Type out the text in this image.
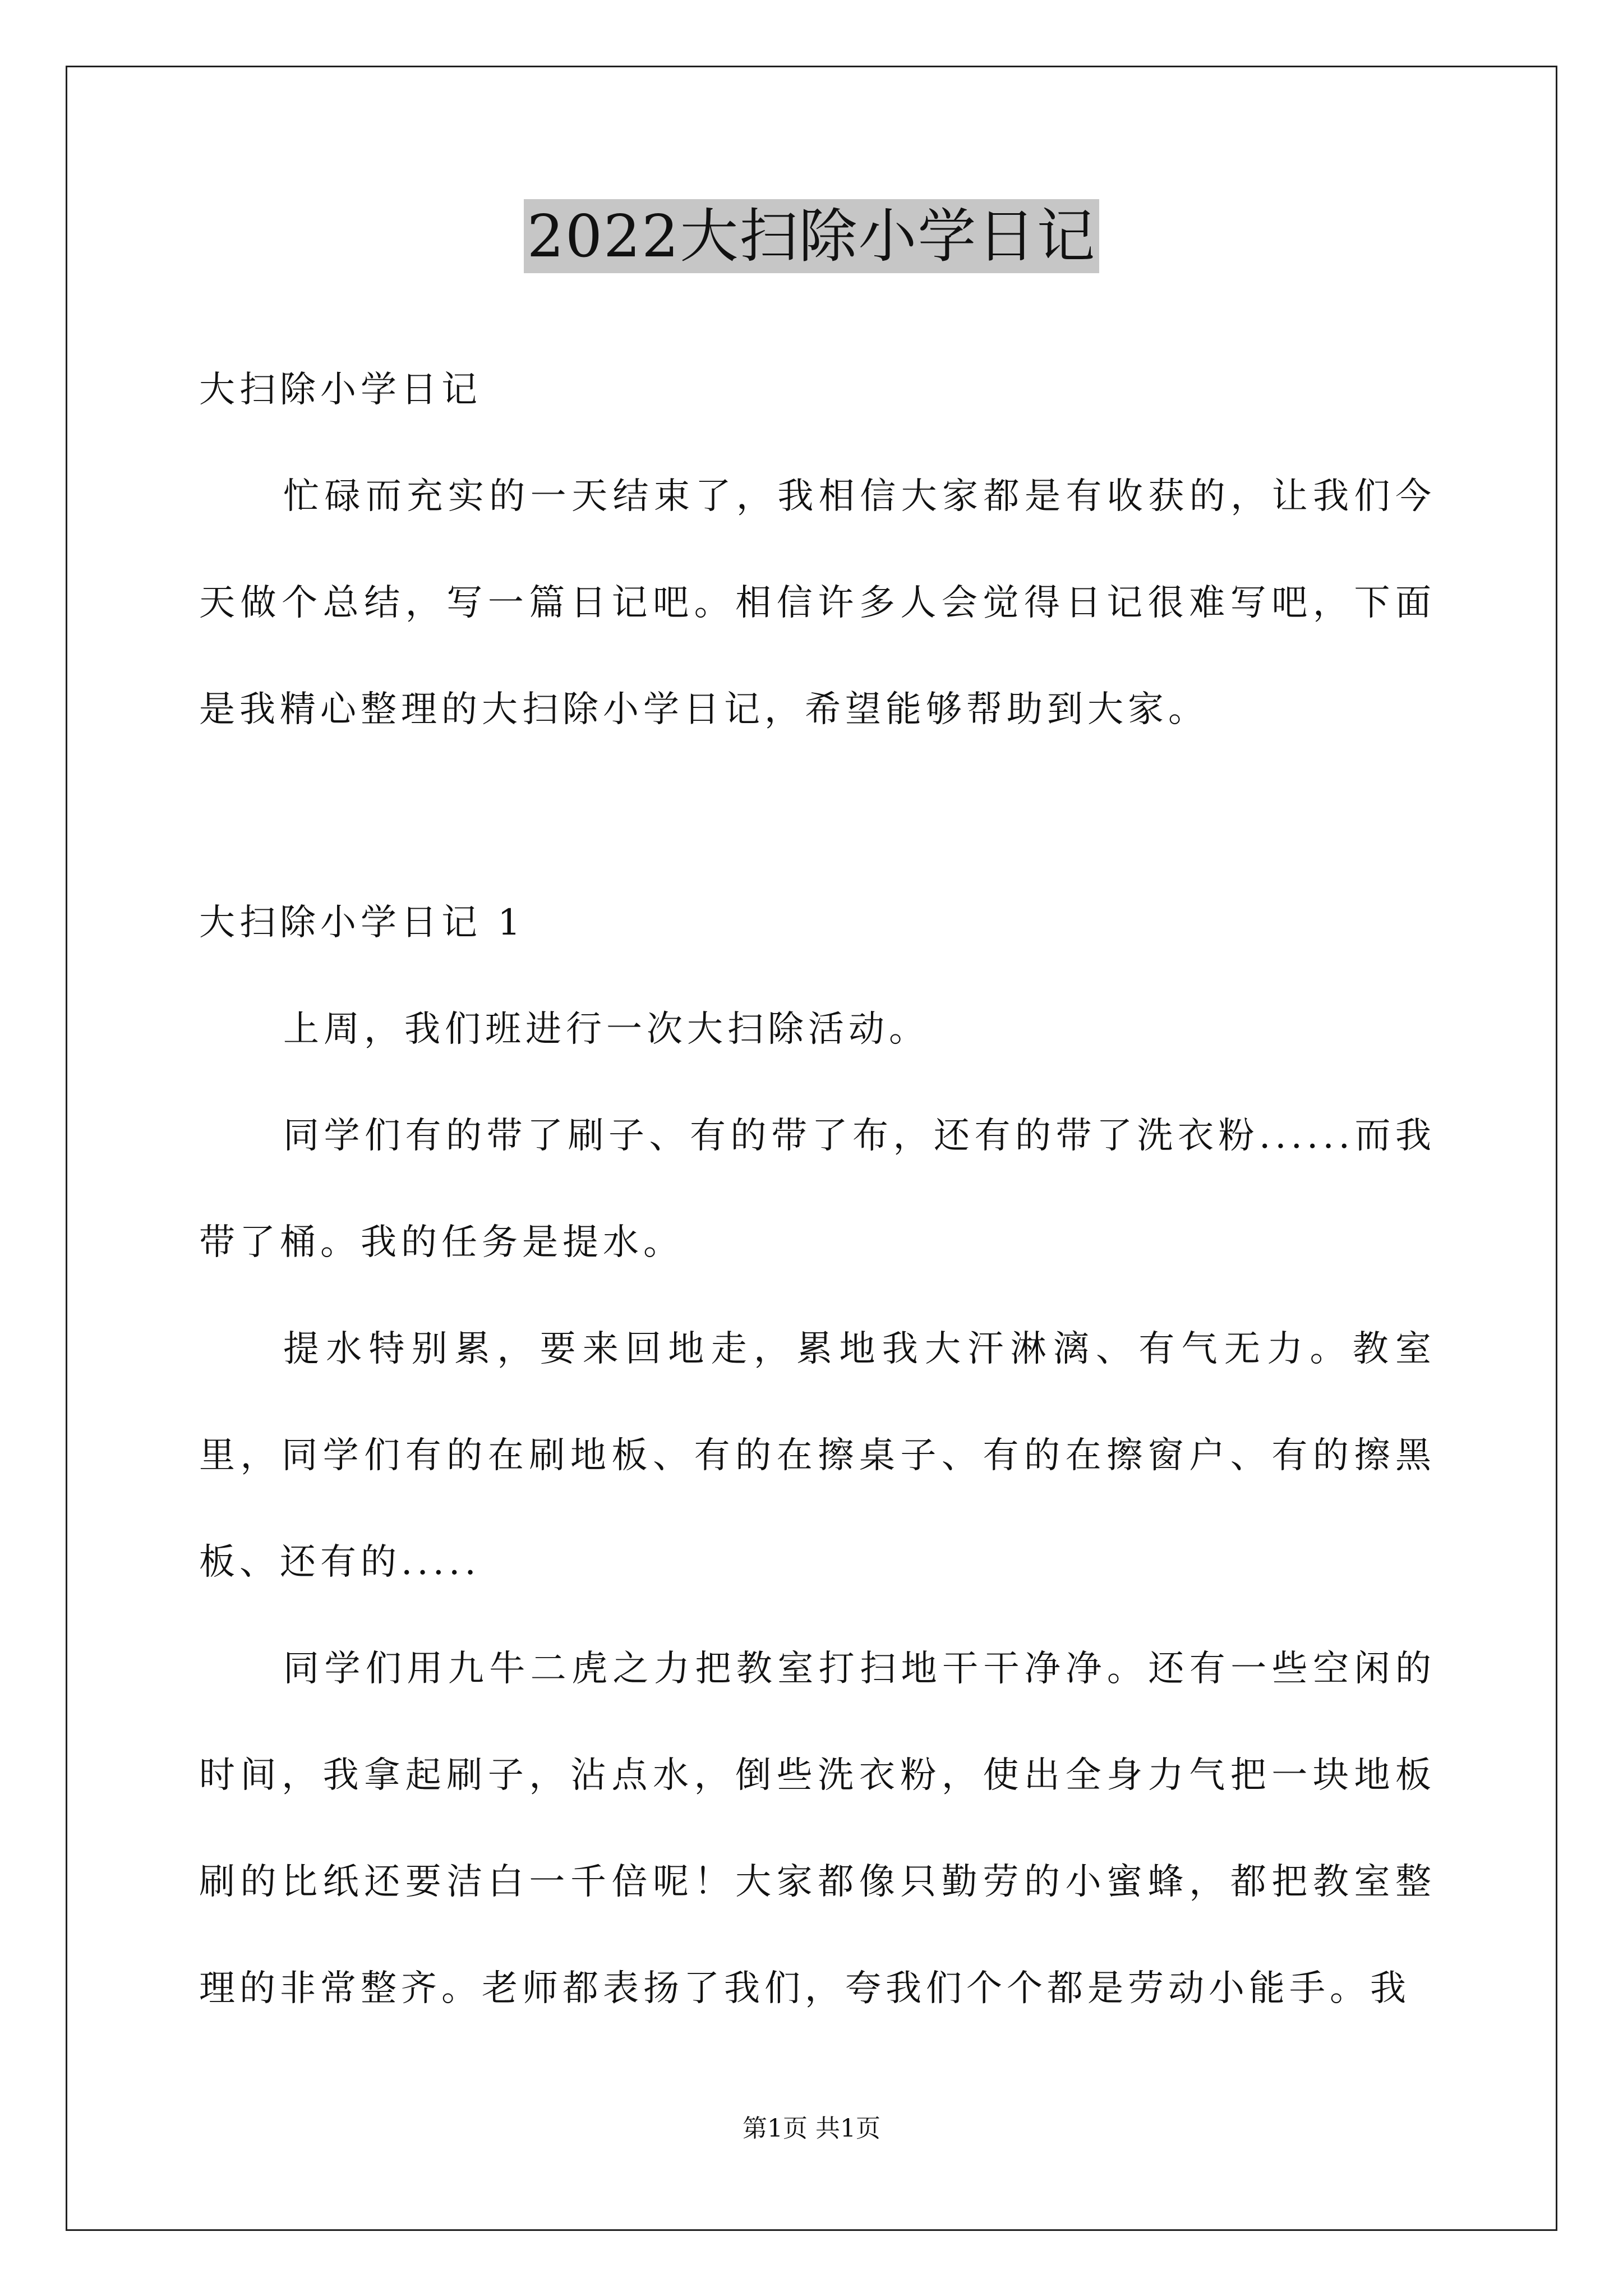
2022大扫除小学日记

大扫除小学日记

忙碌而充实的一天结束了，我相信大家都是有收获的，让我们今天做个总结，写一篇日记吧。相信许多人会觉得日记很难写吧，下面是我精心整理的大扫除小学日记，希望能够帮助到大家。

大扫除小学日记 1

上周，我们班进行一次大扫除活动。

同学们有的带了刷子、有的带了布，还有的带了洗衣粉......而我带了桶。我的任务是提水。

提水特别累，要来回地走，累地我大汗淋漓、有气无力。教室里，同学们有的在刷地板、有的在擦桌子、有的在擦窗户、有的擦黑板、还有的.....

同学们用九牛二虎之力把教室打扫地干干净净。还有一些空闲的时间，我拿起刷子，沾点水，倒些洗衣粉，使出全身力气把一块地板刷的比纸还要洁白一千倍呢！大家都像只勤劳的小蜜蜂，都把教室整理的非常整齐。老师都表扬了我们，夸我们个个都是劳动小能手。我

第1页 共1页
